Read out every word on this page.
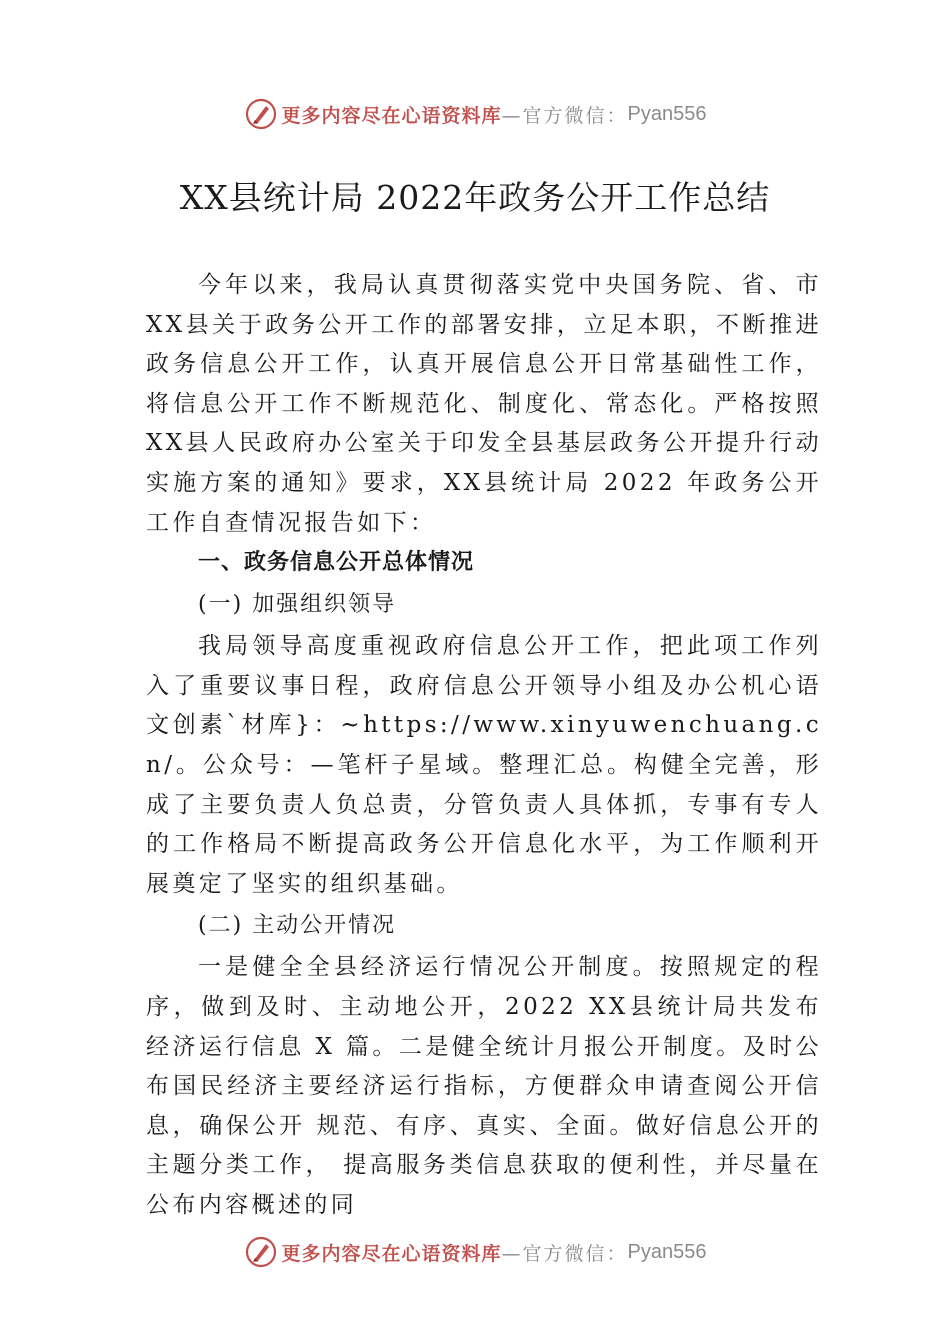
更多内容尽在心语资料库 —官方微信： Pyan556
XX县统计局 2022年政务公开工作总结

今年以来，我局认真贯彻落实党中央国务院、省、市XX县关于政务公开工作的部署安排，立足本职，不断推进政务信息公开工作，认真开展信息公开日常基础性工作，将信息公开工作不断规范化、制度化、常态化。严格按照XX县人民政府办公室关于印发全县基层政务公开提升行动实施方案的通知》要求，XX县统计局 2022 年政务公开工作自查情况报告如下：

一、政务信息公开总体情况

(一) 加强组织领导

我局领导高度重视政府信息公开工作，把此项工作列入了重要议事日程，政府信息公开领导小组及办公机心语文创素`材库}：~https://www.xinyuwenchuang.cn/。公众号：—笔杆子星域。整理汇总。构健全完善，形成了主要负责人负总责，分管负责人具体抓，专事有专人的工作格局不断提高政务公开信息化水平，为工作顺利开展奠定了坚实的组织基础。

(二) 主动公开情况

一是健全全县经济运行情况公开制度。按照规定的程序，做到及时、主动地公开，2022 XX县统计局共发布经济运行信息 X 篇。二是健全统计月报公开制度。及时公布国民经济主要经济运行指标，方便群众申请查阅公开信息，确保公开 规范、有序、真实、全面。做好信息公开的主题分类工作， 提高服务类信息获取的便利性，并尽量在公布内容概述的同

更多内容尽在心语资料库 —官方微信： Pyan556
